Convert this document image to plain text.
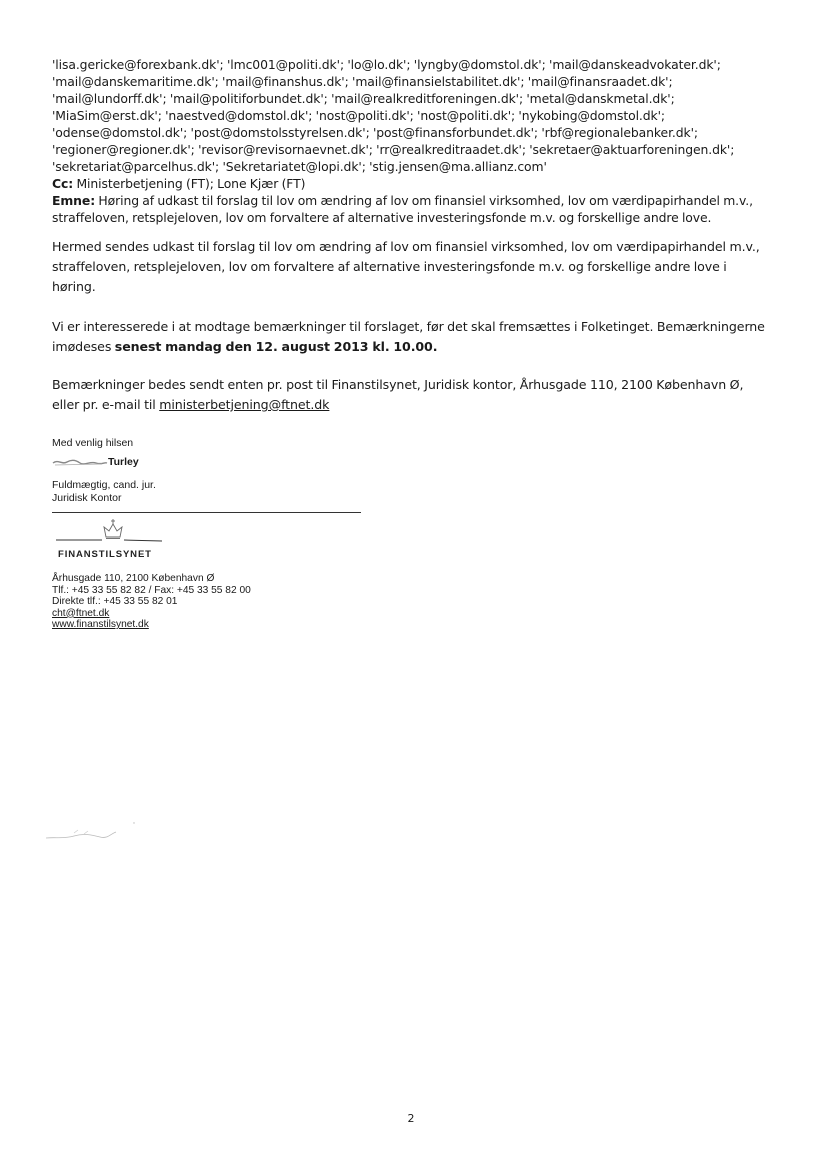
'lisa.gericke@forexbank.dk'; 'lmc001@politi.dk'; 'lo@lo.dk'; 'lyngby@domstol.dk'; 'mail@danskeadvokater.dk';
'mail@danskemaritime.dk'; 'mail@finanshus.dk'; 'mail@finansielstabilitet.dk'; 'mail@finansraadet.dk';
'mail@lundorff.dk'; 'mail@politiforbundet.dk'; 'mail@realkreditforeningen.dk'; 'metal@danskmetal.dk';
'MiaSim@erst.dk'; 'naestved@domstol.dk'; 'nost@politi.dk'; 'nost@politi.dk'; 'nykobing@domstol.dk';
'odense@domstol.dk'; 'post@domstolsstyrelsen.dk'; 'post@finansforbundet.dk'; 'rbf@regionalebanker.dk';
'regioner@regioner.dk'; 'revisor@revisornaevnet.dk'; 'rr@realkreditraadet.dk'; 'sekretaer@aktuarforeningen.dk';
'sekretariat@parcelhus.dk'; 'Sekretariatet@lopi.dk'; 'stig.jensen@ma.allianz.com'
Cc: Ministerbetjening (FT); Lone Kjær (FT)
Emne: Høring af udkast til forslag til lov om ændring af lov om finansiel virksomhed, lov om værdipapirhandel m.v.,
straffeloven, retsplejeloven, lov om forvaltere af alternative investeringsfonde m.v. og forskellige andre love.
Hermed sendes udkast til forslag til lov om ændring af lov om finansiel virksomhed, lov om værdipapirhandel m.v.,
straffeloven, retsplejeloven, lov om forvaltere af alternative investeringsfonde m.v. og forskellige andre love i
høring.
Vi er interesserede i at modtage bemærkninger til forslaget, før det skal fremsættes i Folketinget. Bemærkningerne
imødeses senest mandag den 12. august 2013 kl. 10.00.
Bemærkninger bedes sendt enten pr. post til Finanstilsynet, Juridisk kontor, Århusgade 110, 2100 København Ø,
eller pr. e-mail til ministerbetjening@ftnet.dk
Med venlig hilsen
Turley
Fuldmægtig, cand. jur.
Juridisk Kontor
FINANSTILSYNET
Århusgade 110, 2100 København Ø
Tlf.: +45 33 55 82 82 / Fax: +45 33 55 82 00
Direkte tlf.: +45 33 55 82 01
cht@ftnet.dk
www.finanstilsynet.dk
2
